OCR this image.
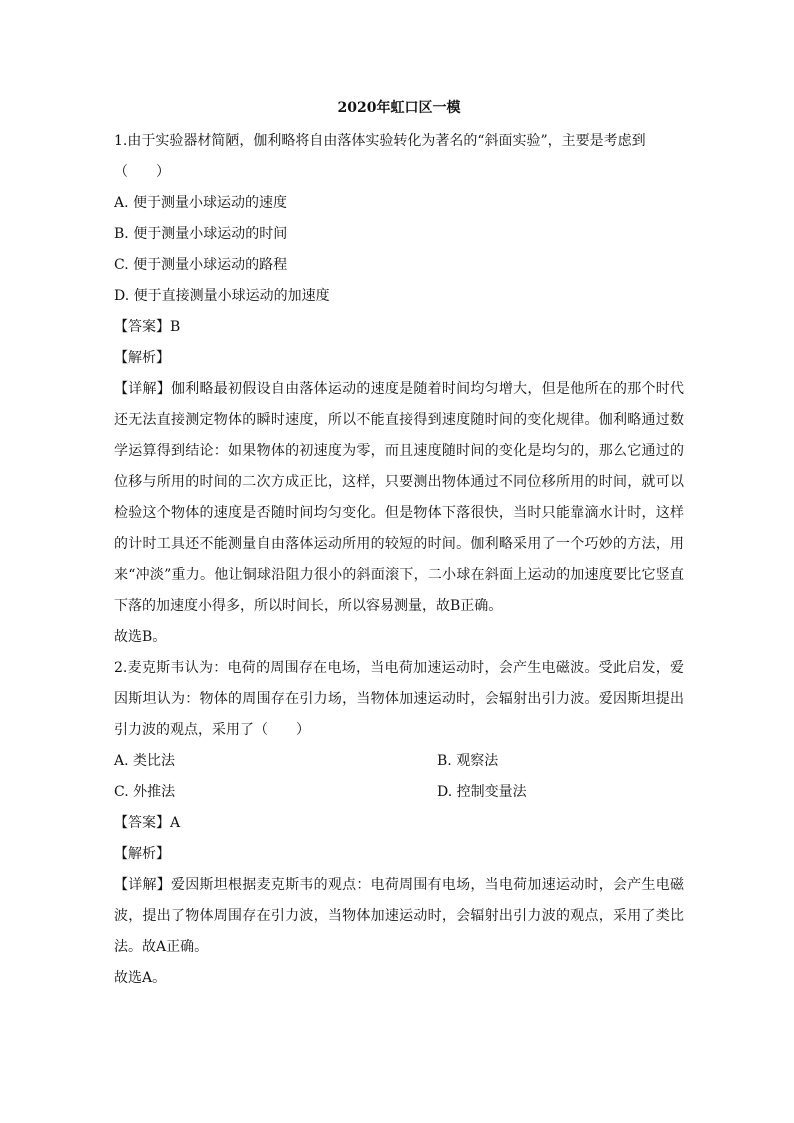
2020年虹口区一模
1.由于实验器材简陋，伽利略将自由落体实验转化为著名的“斜面实验”，主要是考虑到
（　　）
A. 便于测量小球运动的速度
B. 便于测量小球运动的时间
C. 便于测量小球运动的路程
D. 便于直接测量小球运动的加速度
【答案】B
【解析】
【详解】伽利略最初假设自由落体运动的速度是随着时间均匀增大，但是他所在的那个时代还无法直接测定物体的瞬时速度，所以不能直接得到速度随时间的变化规律。伽利略通过数学运算得到结论：如果物体的初速度为零，而且速度随时间的变化是均匀的，那么它通过的位移与所用的时间的二次方成正比，这样，只要测出物体通过不同位移所用的时间，就可以检验这个物体的速度是否随时间均匀变化。但是物体下落很快，当时只能靠滴水计时，这样的计时工具还不能测量自由落体运动所用的较短的时间。伽利略采用了一个巧妙的方法，用来“冲淡”重力。他让铜球沿阻力很小的斜面滚下，二小球在斜面上运动的加速度要比它竖直下落的加速度小得多，所以时间长，所以容易测量，故B正确。
故选B。
2.麦克斯韦认为：电荷的周围存在电场，当电荷加速运动时，会产生电磁波。受此启发，爱因斯坦认为：物体的周围存在引力场，当物体加速运动时，会辐射出引力波。爱因斯坦提出引力波的观点，采用了（　　）
A. 类比法	B. 观察法
C. 外推法	D. 控制变量法
【答案】A
【解析】
【详解】爱因斯坦根据麦克斯韦的观点：电荷周围有电场，当电荷加速运动时，会产生电磁波，提出了物体周围存在引力波，当物体加速运动时，会辐射出引力波的观点，采用了类比法。故A正确。
故选A。
